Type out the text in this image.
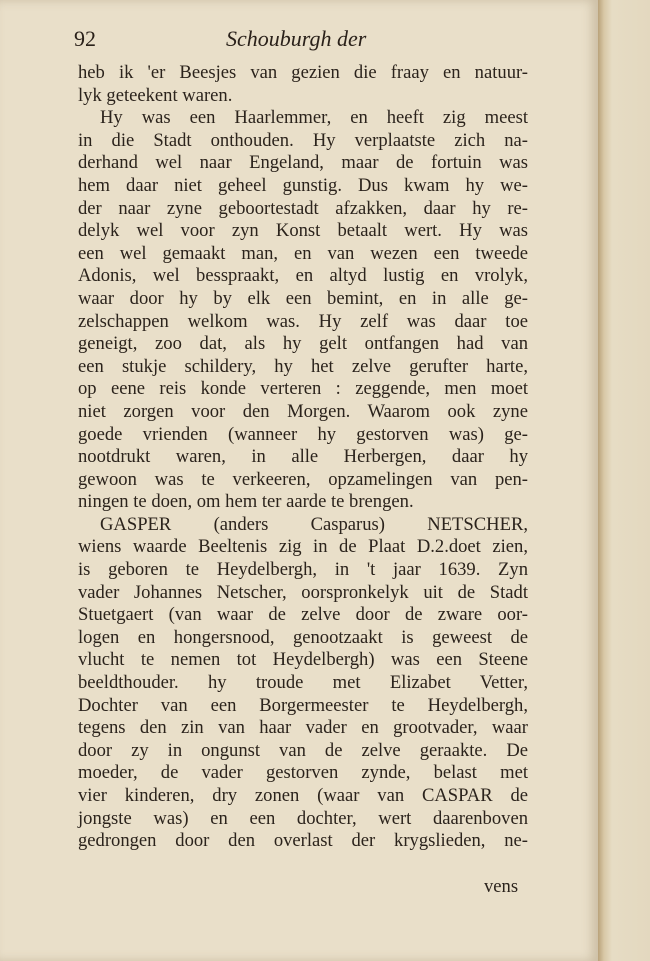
92	Schouburgh der
heb ik 'er Beesjes van gezien die fraay en natuur-
lyk geteekent waren.
Hy was een Haarlemmer, en heeft zig meest
in die Stadt onthouden. Hy verplaatste zich na-
derhand wel naar Engeland, maar de fortuin was
hem daar niet geheel gunstig. Dus kwam hy we-
der naar zyne geboortestadt afzakken, daar hy re-
delyk wel voor zyn Konst betaalt wert. Hy was
een wel gemaakt man, en van wezen een tweede
Adonis, wel besspraakt, en altyd lustig en vrolyk,
waar door hy by elk een bemint, en in alle ge-
zelschappen welkom was. Hy zelf was daar toe
geneigt, zoo dat, als hy gelt ontfangen had van
een stukje schildery, hy het zelve gerufter harte,
op eene reis konde verteren : zeggende, men moet
niet zorgen voor den Morgen. Waarom ook zyne
goede vrienden (wanneer hy gestorven was) ge-
nootdrukt waren, in alle Herbergen, daar hy
gewoon was te verkeeren, opzamelingen van pen-
ningen te doen, om hem ter aarde te brengen.
GASPER (anders Casparus) NETSCHER,
wiens waarde Beeltenis zig in de Plaat D.2.doet zien,
is geboren te Heydelbergh, in 't jaar 1639. Zyn
vader Johannes Netscher, oorspronkelyk uit de Stadt
Stuetgaert (van waar de zelve door de zware oor-
logen en hongersnood, genootzaakt is geweest de
vlucht te nemen tot Heydelbergh) was een Steene
beeldthouder. hy troude met Elizabet Vetter,
Dochter van een Borgermeester te Heydelbergh,
tegens den zin van haar vader en grootvader, waar
door zy in ongunst van de zelve geraakte. De
moeder, de vader gestorven zynde, belast met
vier kinderen, dry zonen (waar van CASPAR de
jongste was) en een dochter, wert daarenboven
gedrongen door den overlast der krygslieden, ne-
vens
